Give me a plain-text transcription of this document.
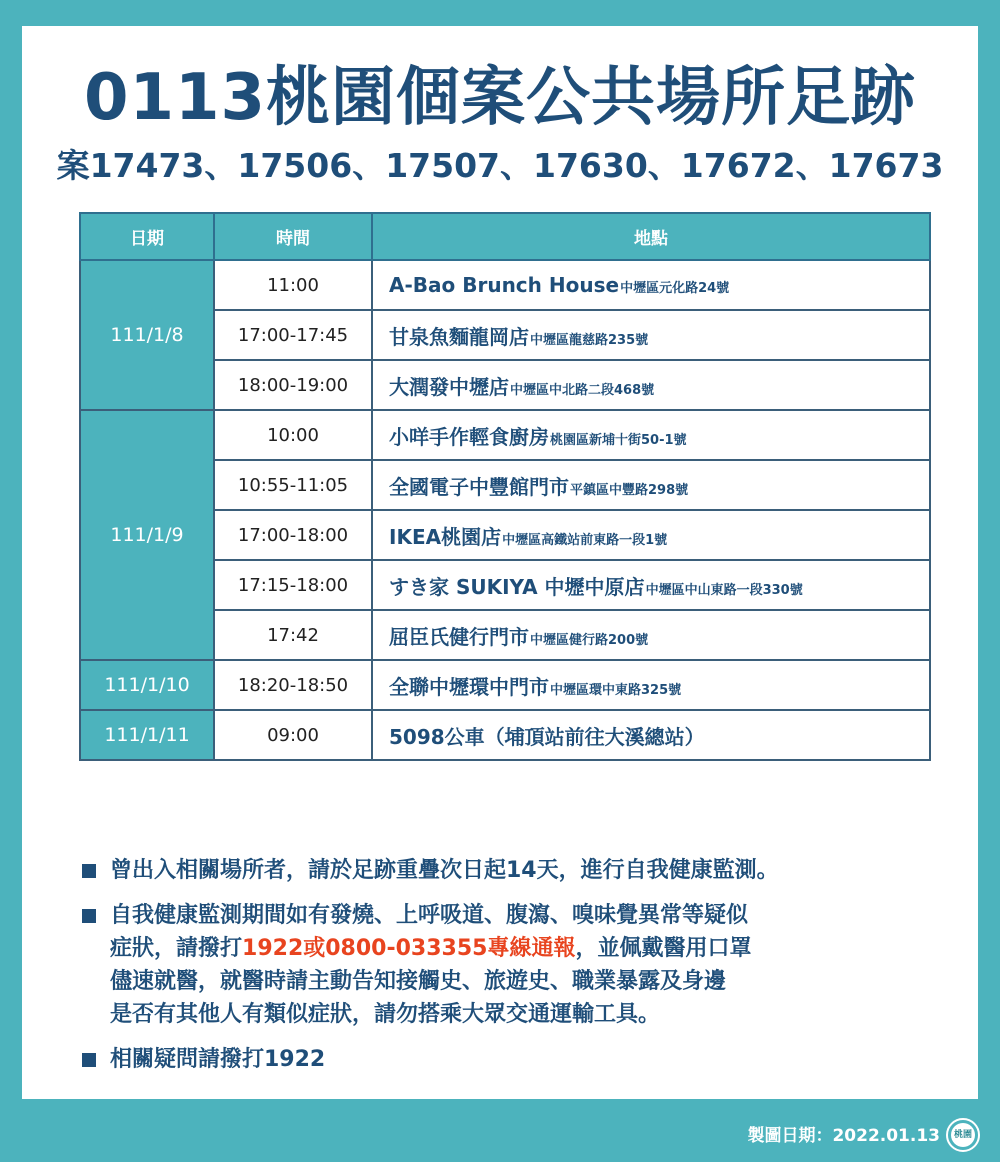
0113桃園個案公共場所足跡
案17473、17506、17507、17630、17672、17673
日期	時間	地點
111/1/8	11:00	A-Bao Brunch House中壢區元化路24號
	17:00-17:45	甘泉魚麵龍岡店中壢區龍慈路235號
	18:00-19:00	大潤發中壢店中壢區中北路二段468號
111/1/9	10:00	小咩手作輕食廚房桃園區新埔十街50-1號
	10:55-11:05	全國電子中豐館門市平鎮區中豐路298號
	17:00-18:00	IKEA桃園店中壢區高鐵站前東路一段1號
	17:15-18:00	すき家 SUKIYA 中壢中原店中壢區中山東路一段330號
	17:42	屈臣氏健行門市中壢區健行路200號
111/1/10	18:20-18:50	全聯中壢環中門市中壢區環中東路325號
111/1/11	09:00	5098公車（埔頂站前往大溪總站）
曾出入相關場所者，請於足跡重疊次日起14天，進行自我健康監測。
自我健康監測期間如有發燒、上呼吸道、腹瀉、嗅味覺異常等疑似
症狀，請撥打1922或0800-033355專線通報，並佩戴醫用口罩
儘速就醫，就醫時請主動告知接觸史、旅遊史、職業暴露及身邊
是否有其他人有類似症狀，請勿搭乘大眾交通運輸工具。
相關疑問請撥打1922
製圖日期：2022.01.13	桃園
